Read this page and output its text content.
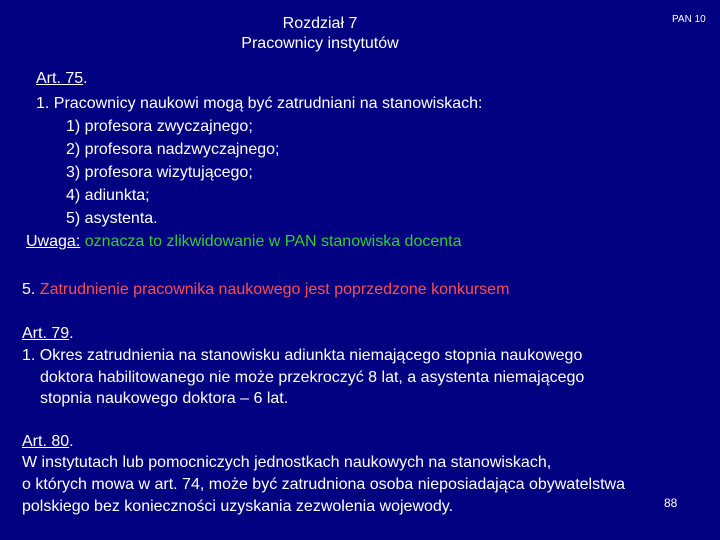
Rozdział 7
Pracownicy instytutów
PAN 10
Art. 75.
1. Pracownicy naukowi mogą być zatrudniani na stanowiskach:
1) profesora zwyczajnego;
2) profesora nadzwyczajnego;
3) profesora wizytującego;
4) adiunkta;
5) asystenta.
Uwaga: oznacza to zlikwidowanie w PAN stanowiska docenta
5. Zatrudnienie pracownika naukowego jest poprzedzone konkursem
Art. 79.
1. Okres zatrudnienia na stanowisku adiunkta niemającego stopnia naukowego
doktora habilitowanego nie może przekroczyć 8 lat, a asystenta niemającego
stopnia naukowego doktora – 6 lat.
Art. 80.
W instytutach lub pomocniczych jednostkach naukowych na stanowiskach,
o których mowa w art. 74, może być zatrudniona osoba nieposiadająca obywatelstwa
polskiego bez konieczności uzyskania zezwolenia wojewody.	88
